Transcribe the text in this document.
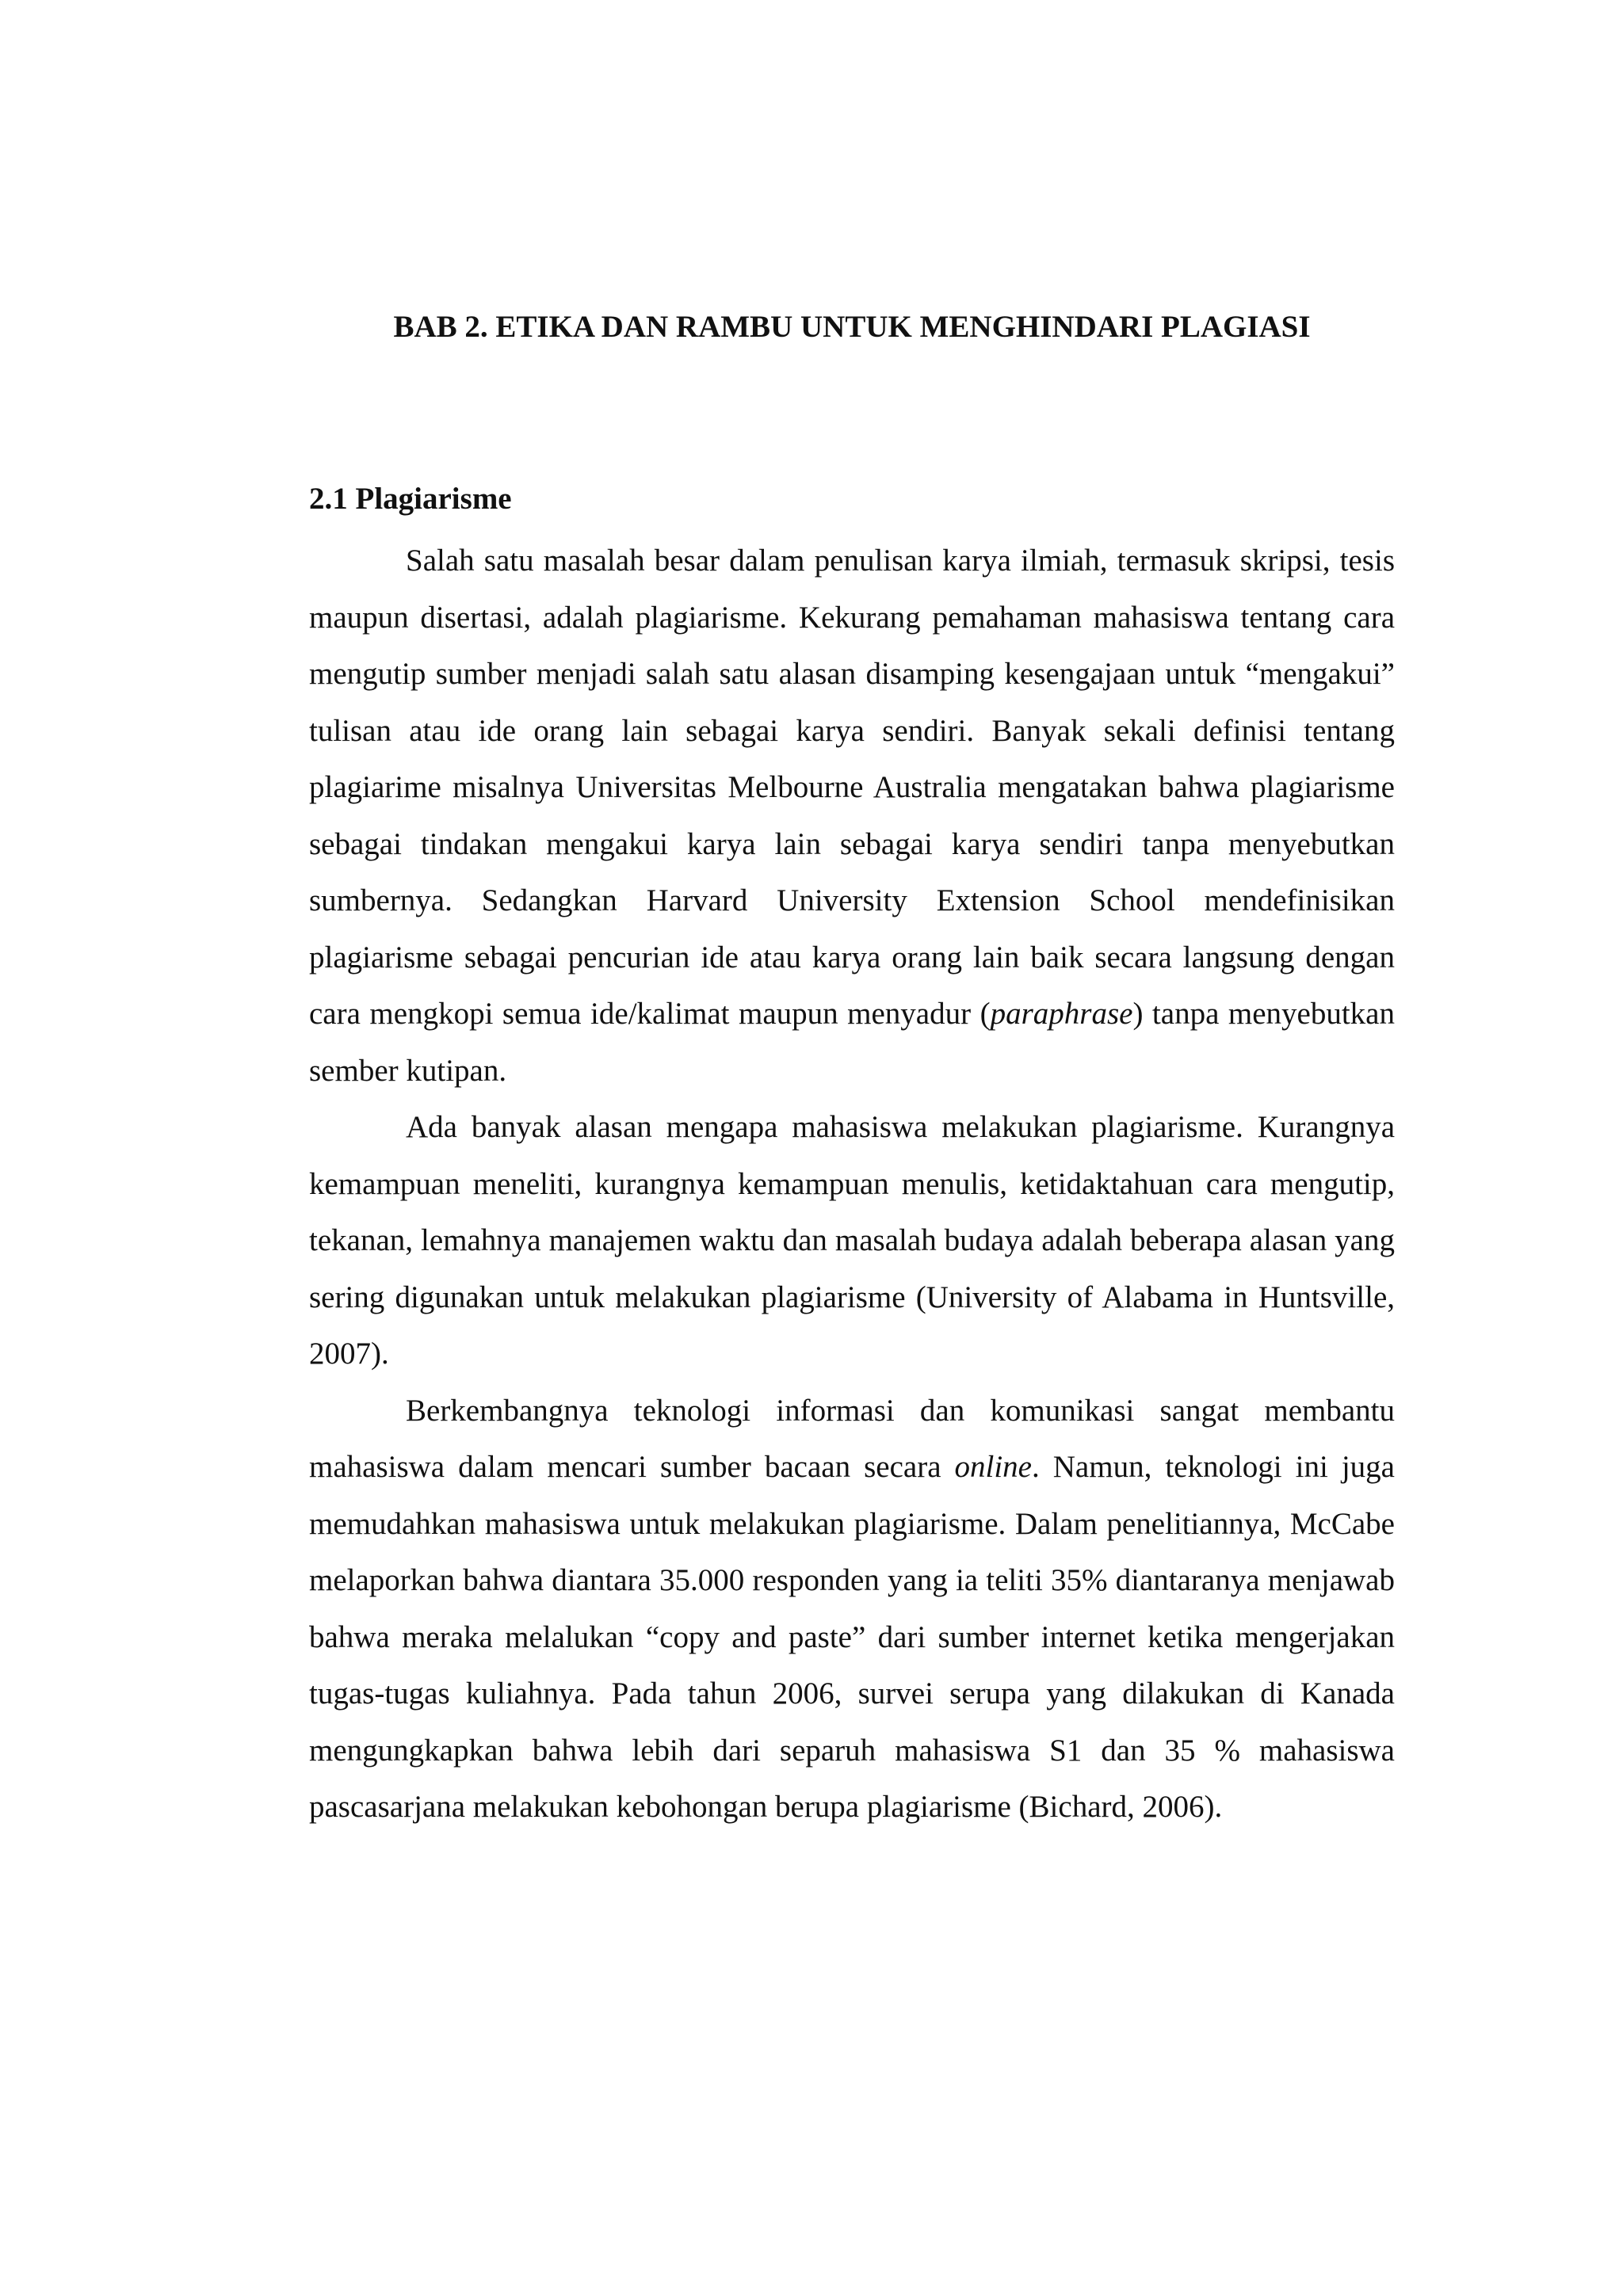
BAB 2. ETIKA DAN RAMBU UNTUK MENGHINDARI PLAGIASI
2.1 Plagiarisme

Salah satu masalah besar dalam penulisan karya ilmiah, termasuk skripsi, tesis maupun disertasi, adalah plagiarisme. Kekurang pemahaman mahasiswa tentang cara mengutip sumber menjadi salah satu alasan disamping kesengajaan untuk “mengakui” tulisan atau ide orang lain sebagai karya sendiri. Banyak sekali definisi tentang plagiarime misalnya Universitas Melbourne Australia mengatakan bahwa plagiarisme sebagai tindakan mengakui karya lain sebagai karya sendiri tanpa menyebutkan sumbernya. Sedangkan Harvard University Extension School mendefinisikan plagiarisme sebagai pencurian ide atau karya orang lain baik secara langsung dengan cara mengkopi semua ide/kalimat maupun menyadur (paraphrase) tanpa menyebutkan sember kutipan.

Ada banyak alasan mengapa mahasiswa melakukan plagiarisme. Kurangnya kemampuan meneliti, kurangnya kemampuan menulis, ketidaktahuan cara mengutip, tekanan, lemahnya manajemen waktu dan masalah budaya adalah beberapa alasan yang sering digunakan untuk melakukan plagiarisme (University of Alabama in Huntsville, 2007).

Berkembangnya teknologi informasi dan komunikasi sangat membantu mahasiswa dalam mencari sumber bacaan secara online. Namun, teknologi ini juga memudahkan mahasiswa untuk melakukan plagiarisme. Dalam penelitiannya, McCabe melaporkan bahwa diantara 35.000 responden yang ia teliti 35% diantaranya menjawab bahwa meraka melalukan “copy and paste” dari sumber internet ketika mengerjakan tugas-tugas kuliahnya. Pada tahun 2006, survei serupa yang dilakukan di Kanada mengungkapkan bahwa lebih dari separuh mahasiswa S1 dan 35 % mahasiswa pascasarjana melakukan kebohongan berupa plagiarisme (Bichard, 2006).
